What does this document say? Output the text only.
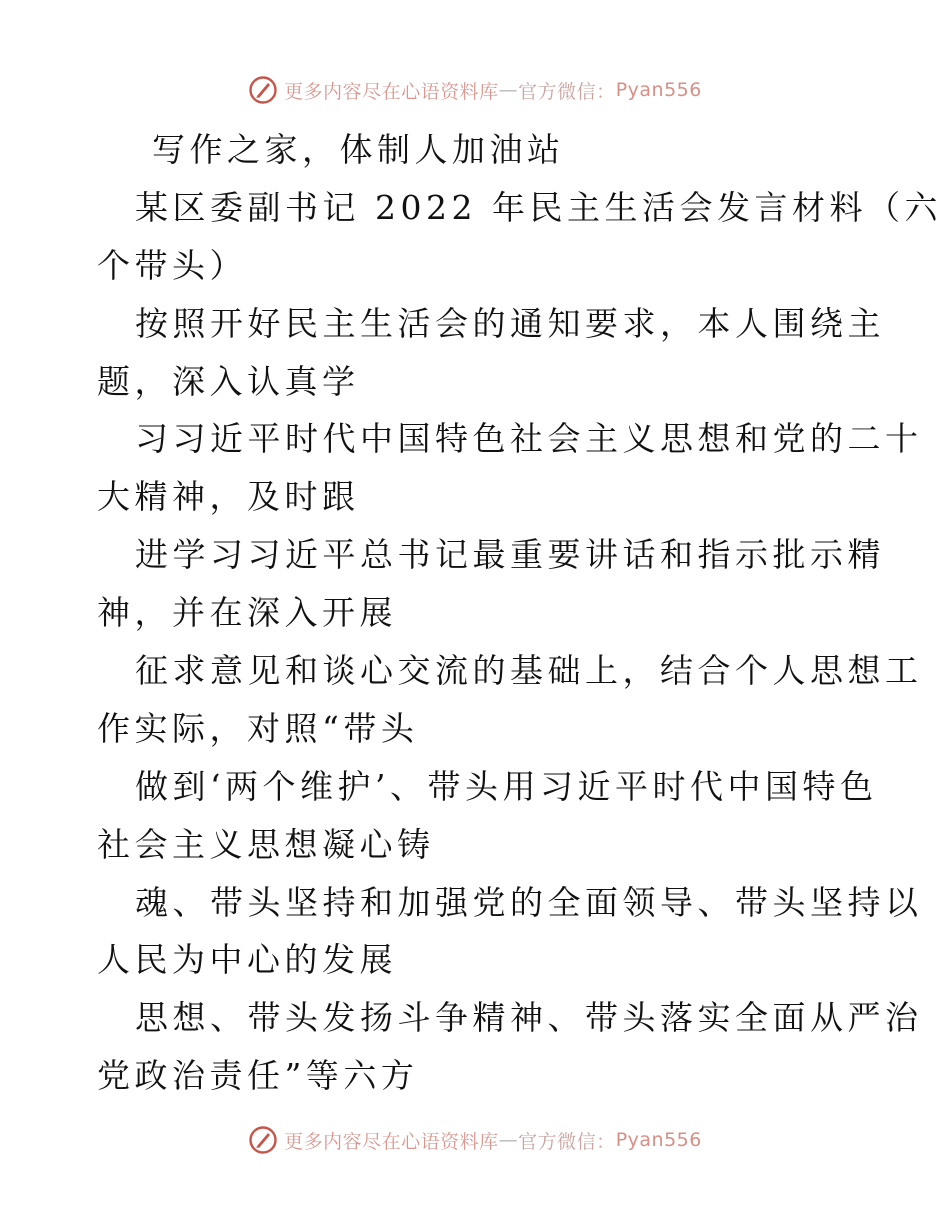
更多内容尽在心语资料库 — 官方微信： Pyan556
写作之家，体制人加油站
某区委副书记 2022 年民主生活会发言材料（六
个带头）
按照开好民主生活会的通知要求，本人围绕主
题，深入认真学
习习近平时代中国特色社会主义思想和党的二十
大精神，及时跟
进学习习近平总书记最重要讲话和指示批示精
神，并在深入开展
征求意见和谈心交流的基础上，结合个人思想工
作实际，对照“带头
做到‘两个维护’、带头用习近平时代中国特色
社会主义思想凝心铸
魂、带头坚持和加强党的全面领导、带头坚持以
人民为中心的发展
思想、带头发扬斗争精神、带头落实全面从严治
党政治责任”等六方
更多内容尽在心语资料库 — 官方微信： Pyan556
